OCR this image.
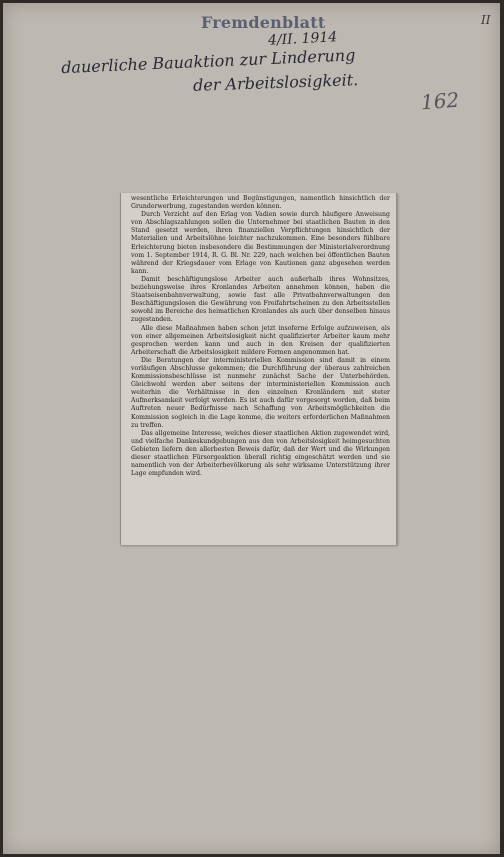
Fremdenblatt	II
4/II. 1914
dauerliche Bauaktion zur Linderung
der Arbeitslosigkeit.
162

wesentliche Erleichterungen und Begünstigungen, namentlich hinsichtlich der Grunderwerbung, zugestanden werden können.

Durch Verzicht auf den Erlag von Vadien sowie durch häufigere Anweisung von Abschlagszahlungen sollen die Unternehmer bei staatlichen Bauten in den Stand gesetzt werden, ihren finanziellen Verpflichtungen hinsichtlich der Materialien und Arbeitslöhne leichter nachzukommen. Eine besonders fühlbare Erleichterung bieten insbesondere die Bestimmungen der Ministerialverordnung vom 1. September 1914, R. G. Bl. Nr. 229, nach welchen bei öffentlichen Bauten während der Kriegsdauer vom Erlage von Kautionen ganz abgesehen werden kann.

Damit beschäftigungslose Arbeiter auch außerhalb ihres Wohnsitzes, beziehungsweise ihres Kronlandes Arbeiten annehmen können, haben die Staatseisenbahnverwaltung, sowie fast alle Privatbahnverwaltungen den Beschäftigungslosen die Gewährung von Freifahrtscheinen zu den Arbeitsstellen sowohl im Bereiche des heimatlichen Kronlandes als auch über denselben hinaus zugestanden.

Alle diese Maßnahmen haben schon jetzt insoferne Erfolge aufzuweisen, als von einer allgemeinen Arbeitslosigkeit nicht qualifizierter Arbeiter kaum mehr gesprochen werden kann und auch in den Kreisen der qualifizierten Arbeiterschaft die Arbeitslosigkeit mildere Formen angenommen hat.

Die Beratungen der interministeriellen Kommission sind damit in einem vorläufigen Abschlusse gekommen; die Durchführung der überaus zahlreichen Kommissionsbeschlüsse ist nunmehr zunächst Sache der Unterbehörden. Gleichwohl werden aber seitens der interministeriellen Kommission auch weiterhin die Verhältnisse in den einzelnen Kronländern mit steter Aufmerksamkeit verfolgt werden. Es ist auch dafür vorgesorgt worden, daß beim Auftreten neuer Bedürfnisse nach Schaffung von Arbeitsmöglichkeiten die Kommission sogleich in die Lage komme, die weiters erforderlichen Maßnahmen zu treffen.

Das allgemeine Interesse, welches dieser staatlichen Aktion zugewendet wird, und vielfache Dankeskundgebungen aus den von Arbeitslosigkeit heimgesuchten Gebieten liefern den allerbesten Beweis dafür, daß der Wert und die Wirkungen dieser staatlichen Fürsorgeaktion überall richtig eingeschätzt werden und sie namentlich von der Arbeiterbevölkerung als sehr wirksame Unterstützung ihrer Lage empfunden wird.
